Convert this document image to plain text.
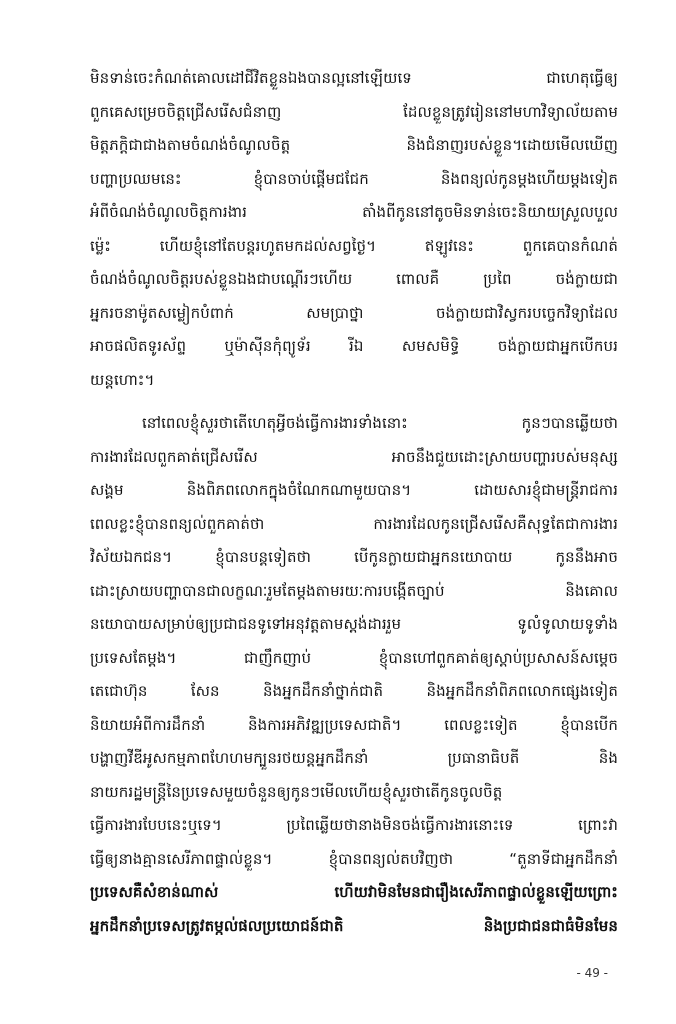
មិនទាន់ចេះកំណត់គោលដៅជីវិតខ្លួនឯងបានល្អនៅឡើយទេ ជាហេតុធ្វើឲ្យ
ពួកគេសម្រេចចិត្តជ្រើសរើសជំនាញ ដែលខ្លួនត្រូវរៀននៅមហាវិទ្យាល័យតាម
មិត្តភក្តិជាជាងតាមចំណង់ចំណូលចិត្ត និងជំនាញរបស់ខ្លួន។ដោយមើលឃើញ
បញ្ហាប្រឈមនេះ ខ្ញុំបានចាប់ផ្ដើមជជែក និងពន្យល់កូនម្ដងហើយម្ដងទៀត
អំពីចំណង់ចំណូលចិត្តការងារ តាំងពីកូននៅតូចមិនទាន់ចេះនិយាយស្រួលបួល
ម្ល៉េះ ហើយខ្ញុំនៅតែបន្តរហូតមកដល់សព្វថ្ងៃ។ ឥឡូវនេះ ពួកគេបានកំណត់
ចំណង់ចំណូលចិត្តរបស់ខ្លួនឯងជាបណ្ដើរៗហើយ ពោលគឺ ប្រពៃ ចង់ក្លាយជា
អ្នករចនាម៉ូតសម្លៀកបំពាក់ សមប្រាថ្នា ចង់ក្លាយជាវិស្វករបច្ចេកវិទ្យាដែល
អាចផលិតទូរស័ព្ទ ឬម៉ាស៊ីនកុំព្យូទ័រ រីឯ សមសមិទ្ធិ ចង់ក្លាយជាអ្នកបើកបរ
យន្តហោះ។
នៅពេលខ្ញុំសួរថាតើហេតុអ្វីចង់ធ្វើការងារទាំងនោះ កូនៗបានឆ្លើយថា
ការងារដែលពួកគាត់ជ្រើសរើស អាចនឹងជួយដោះស្រាយបញ្ហារបស់មនុស្ស
សង្គម និងពិភពលោកក្នុងចំណែកណាមួយបាន។ ដោយសារខ្ញុំជាមន្ត្រីរាជការ
ពេលខ្លះខ្ញុំបានពន្យល់ពួកគាត់ថា ការងារដែលកូនជ្រើសរើសគឺសុទ្ធតែជាការងារ
វិស័យឯកជន។ ខ្ញុំបានបន្តទៀតថា បើកូនក្លាយជាអ្នកនយោបាយ កូននឹងអាច
ដោះស្រាយបញ្ហាបានជាលក្ខណៈរួមតែម្ដងតាមរយៈការបង្កើតច្បាប់ និងគោល
នយោបាយសម្រាប់ឲ្យប្រជាជនទូទៅអនុវត្តតាមស្ដង់ដាររួម ទូលំទូលាយទូទាំង
ប្រទេសតែម្ដង។ ជាញឹកញាប់ ខ្ញុំបានហៅពួកគាត់ឲ្យស្ដាប់ប្រសាសន៍សម្ដេច
តេជោហ៊ុន សែន និងអ្នកដឹកនាំថ្នាក់ជាតិ និងអ្នកដឹកនាំពិភពលោកផ្សេងទៀត
និយាយអំពីការដឹកនាំ និងការអភិវឌ្ឍប្រទេសជាតិ។ ពេលខ្លះទៀត ខ្ញុំបានបើក
បង្ហាញវីឌីអូសកម្មភាពហែហមក្បួនរថយន្តអ្នកដឹកនាំ ប្រធានាធិបតី និង
នាយករដ្ឋមន្ត្រីនៃប្រទេសមួយចំនួនឲ្យកូនៗមើលហើយខ្ញុំសួរថាតើកូនចូលចិត្ត
ធ្វើការងារបែបនេះឬទេ។ ប្រពៃឆ្លើយថានាងមិនចង់ធ្វើការងារនោះទេ ព្រោះវា
ធ្វើឲ្យនាងគ្មានសេរីភាពផ្ទាល់ខ្លួន។ ខ្ញុំបានពន្យល់តបវិញថា “តួនាទីជាអ្នកដឹកនាំ
ប្រទេសគឺសំខាន់ណាស់ ហើយវាមិនមែនជារឿងសេរីភាពផ្ទាល់ខ្លួនឡើយព្រោះ
អ្នកដឹកនាំប្រទេសត្រូវតម្កល់ផលប្រយោជន៍ជាតិ និងប្រជាជនជាធំមិនមែន
- 49 -
